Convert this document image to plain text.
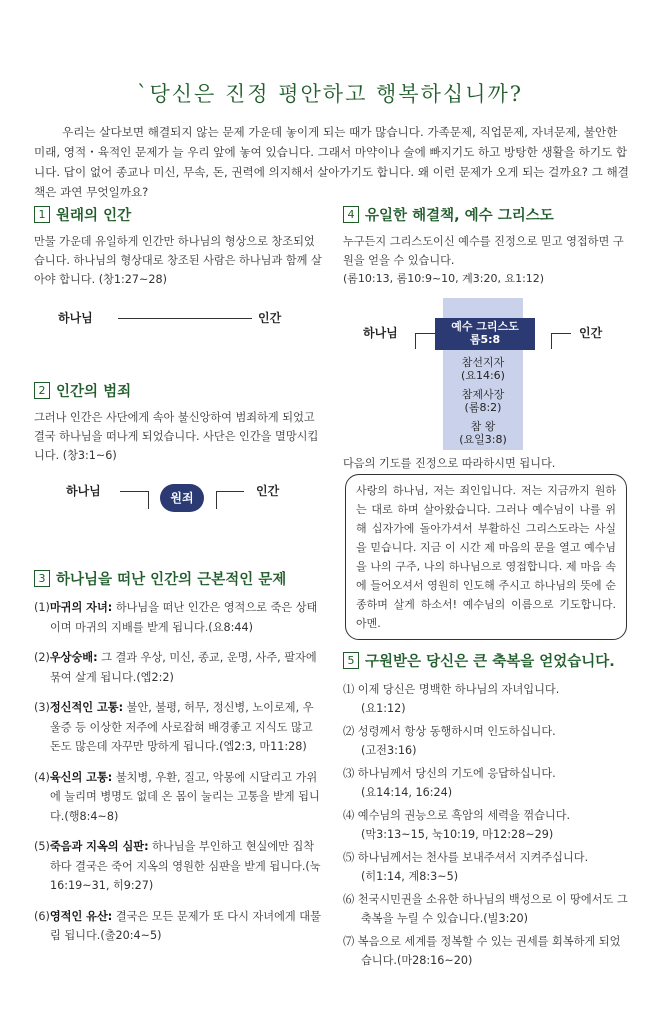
ˋ당신은 진정 평안하고 행복하십니까?

우리는 살다보면 해결되지 않는 문제 가운데 놓이게 되는 때가 많습니다. 가족문제, 직업문제, 자녀문제, 불안한 미래, 영적・육적인 문제가 늘 우리 앞에 놓여 있습니다. 그래서 마약이나 술에 빠지기도 하고 방탕한 생활을 하기도 합니다. 답이 없어 종교나 미신, 무속, 돈, 권력에 의지해서 살아가기도 합니다. 왜 이런 문제가 오게 되는 걸까요? 그 해결책은 과연 무엇일까요?

1 원래의 인간

만물 가운데 유일하게 인간만 하나님의 형상으로 창조되었습니다. 하나님의 형상대로 창조된 사람은 하나님과 함께 살아야 합니다. (창1:27~28)

하나님	인간

2 인간의 범죄

그러나 인간은 사단에게 속아 불신앙하여 범죄하게 되었고 결국 하나님을 떠나게 되었습니다. 사단은 인간을 멸망시킵니다. (창3:1~6)

하나님	원죄	인간

3 하나님을 떠난 인간의 근본적인 문제

(1)마귀의 자녀: 하나님을 떠난 인간은 영적으로 죽은 상태이며 마귀의 지배를 받게 됩니다.(요8:44)
(2)우상숭배: 그 결과 우상, 미신, 종교, 운명, 사주, 팔자에 묶여 살게 됩니다.(엡2:2)
(3)정신적인 고통: 불안, 불평, 허무, 정신병, 노이로제, 우울증 등 이상한 저주에 사로잡혀 배경좋고 지식도 많고 돈도 많은데 자꾸만 망하게 됩니다.(엡2:3, 마11:28)
(4)육신의 고통: 불치병, 우환, 질고, 악몽에 시달리고 가위에 눌리며 병명도 없데 온 몸이 눌리는 고통을 받게 됩니다.(행8:4~8)
(5)죽음과 지옥의 심판: 하나님을 부인하고 현실에만 집착하다 결국은 죽어 지옥의 영원한 심판을 받게 됩니다.(눅16:19~31, 히9:27)
(6)영적인 유산: 결국은 모든 문제가 또 다시 자녀에게 대물림 됩니다.(출20:4~5)

4 유일한 해결책, 예수 그리스도

누구든지 그리스도이신 예수를 진정으로 믿고 영접하면 구원을 얻을 수 있습니다.

(롬10:13, 롬10:9~10, 계3:20, 요1:12)
하나님
참선지자
(요14:6)
참제사장
(롬8:2)
참 왕
(요일3:8)
예수 그리스도
롬5:8	인간
다음의 기도를 진정으로 따라하시면 됩니다.
사랑의 하나님, 저는 죄인입니다. 저는 지금까지 원하는 대로 하며 살아왔습니다. 그러나 예수님이 나를 위해 십자가에 돌아가셔서 부활하신 그리스도라는 사실을 믿습니다. 지금 이 시간 제 마음의 문을 열고 예수님을 나의 구주, 나의 하나님으로 영접합니다. 제 마음 속에 들어오셔서 영원히 인도해 주시고 하나님의 뜻에 순종하며 살게 하소서! 예수님의 이름으로 기도합니다. 아멘.

5 구원받은 당신은 큰 축복을 얻었습니다.

⑴ 이제 당신은 명백한 하나님의 자녀입니다.
(요1:12)
⑵ 성령께서 항상 동행하시며 인도하십니다.
(고전3:16)
⑶ 하나님께서 당신의 기도에 응답하십니다.
(요14:14, 16:24)
⑷ 예수님의 권능으로 흑암의 세력을 꺾습니다.
(막3:13~15, 눅10:19, 마12:28~29)
⑸ 하나님께서는 천사를 보내주셔서 지켜주십니다.
(히1:14, 계8:3~5)
⑹ 천국시민권을 소유한 하나님의 백성으로 이 땅에서도 그 축복을 누릴 수 있습니다.(빌3:20)
⑺ 복음으로 세계를 정복할 수 있는 권세를 회복하게 되었습니다.(마28:16~20)
